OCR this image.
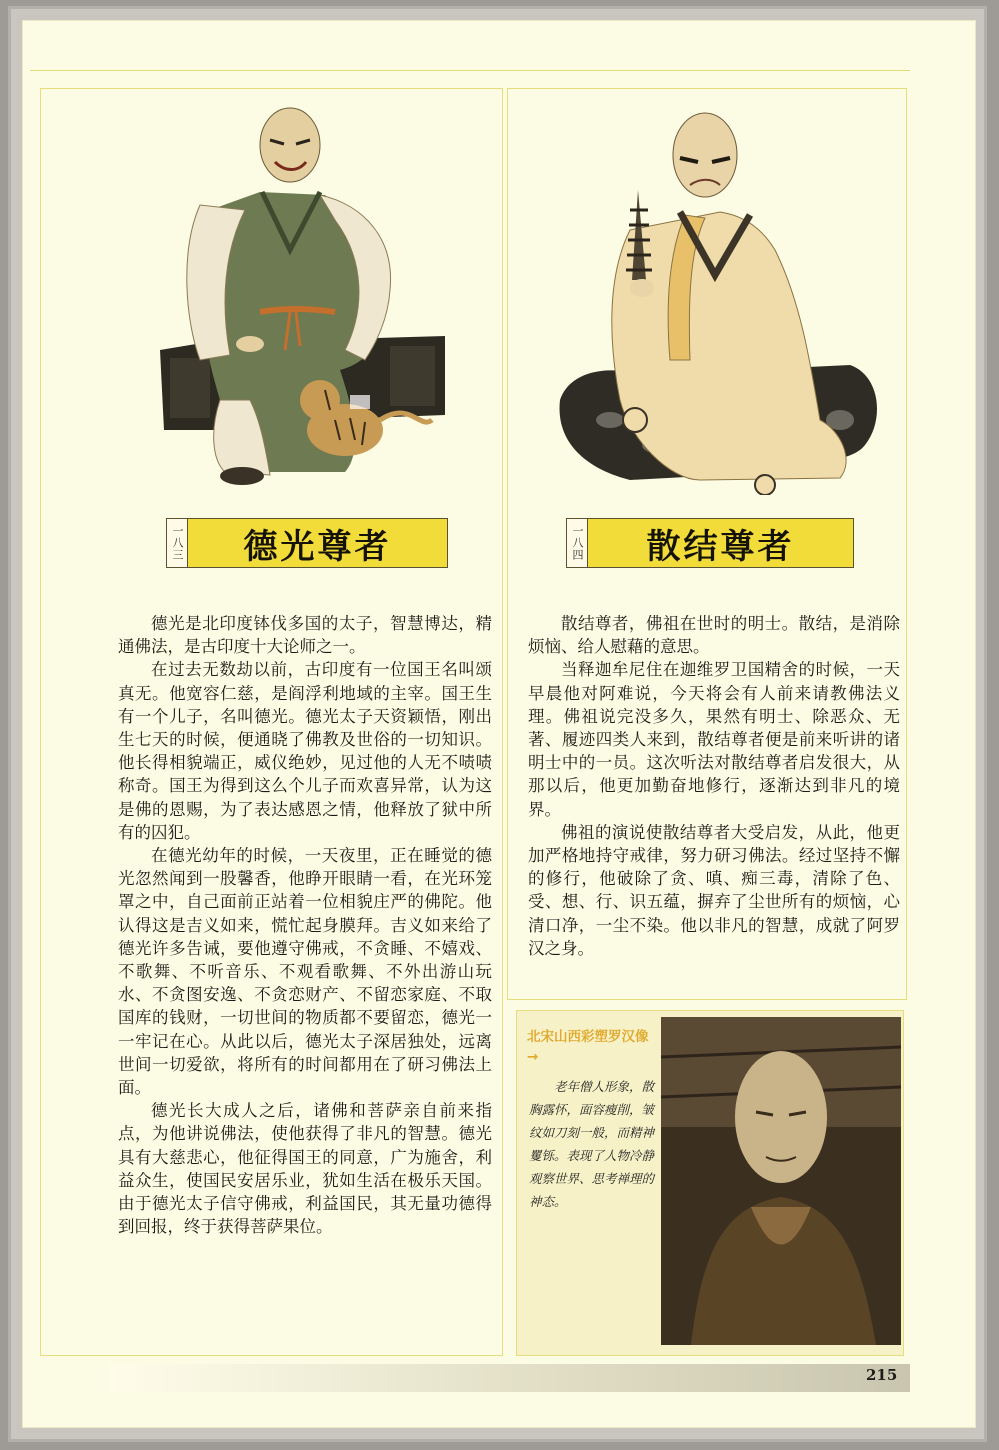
一八三	德光尊者	一八四	散结尊者

德光是北印度钵伐多国的太子，智慧博达，精通佛法，是古印度十大论师之一。

在过去无数劫以前，古印度有一位国王名叫颂真无。他宽容仁慈，是阎浮利地域的主宰。国王生有一个儿子，名叫德光。德光太子天资颖悟，刚出生七天的时候，便通晓了佛教及世俗的一切知识。他长得相貌端正，威仪绝妙，见过他的人无不啧啧称奇。国王为得到这么个儿子而欢喜异常，认为这是佛的恩赐，为了表达感恩之情，他释放了狱中所有的囚犯。

在德光幼年的时候，一天夜里，正在睡觉的德光忽然闻到一股馨香，他睁开眼睛一看，在光环笼罩之中，自己面前正站着一位相貌庄严的佛陀。他认得这是吉义如来，慌忙起身膜拜。吉义如来给了德光许多告诫，要他遵守佛戒，不贪睡、不嬉戏、不歌舞、不听音乐、不观看歌舞、不外出游山玩水、不贪图安逸、不贪恋财产、不留恋家庭、不取国库的钱财，一切世间的物质都不要留恋，德光一一牢记在心。从此以后，德光太子深居独处，远离世间一切爱欲，将所有的时间都用在了研习佛法上面。

德光长大成人之后，诸佛和菩萨亲自前来指点，为他讲说佛法，使他获得了非凡的智慧。德光具有大慈悲心，他征得国王的同意，广为施舍，利益众生，使国民安居乐业，犹如生活在极乐天国。由于德光太子信守佛戒，利益国民，其无量功德得到回报，终于获得菩萨果位。

散结尊者，佛祖在世时的明士。散结，是消除烦恼、给人慰藉的意思。

当释迦牟尼住在迦维罗卫国精舍的时候，一天早晨他对阿难说，今天将会有人前来请教佛法义理。佛祖说完没多久，果然有明士、除恶众、无著、履迹四类人来到，散结尊者便是前来听讲的诸明士中的一员。这次听法对散结尊者启发很大，从那以后，他更加勤奋地修行，逐渐达到非凡的境界。

佛祖的演说使散结尊者大受启发，从此，他更加严格地持守戒律，努力研习佛法。经过坚持不懈的修行，他破除了贪、嗔、痴三毒，清除了色、受、想、行、识五蕴，摒弃了尘世所有的烦恼，心清口净，一尘不染。他以非凡的智慧，成就了阿罗汉之身。

北宋山西彩塑罗汉像 →
老年僧人形象，散胸露怀，面容瘦削，皱纹如刀刻一般，而精神矍铄。表现了人物冷静观察世界、思考禅理的神态。
215
